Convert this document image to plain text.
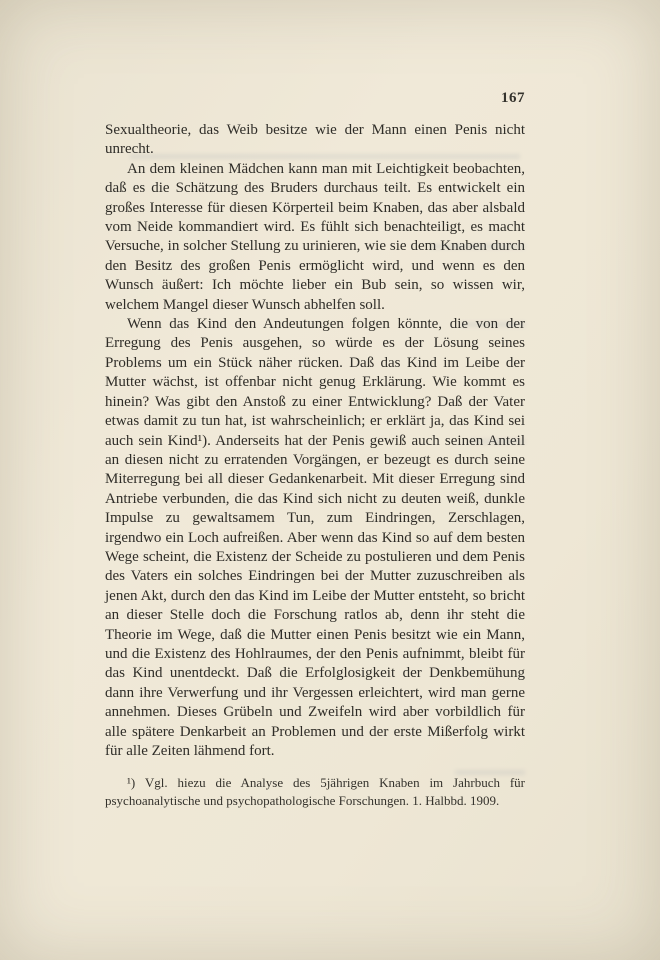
167

Sexualtheorie, das Weib besitze wie der Mann einen Penis nicht unrecht.

An dem kleinen Mädchen kann man mit Leichtigkeit beobachten, daß es die Schätzung des Bruders durchaus teilt. Es entwickelt ein großes Interesse für diesen Körperteil beim Knaben, das aber alsbald vom Neide kommandiert wird. Es fühlt sich benachteiligt, es macht Versuche, in solcher Stellung zu urinieren, wie sie dem Knaben durch den Besitz des großen Penis ermöglicht wird, und wenn es den Wunsch äußert: Ich möchte lieber ein Bub sein, so wissen wir, welchem Mangel dieser Wunsch abhelfen soll.

Wenn das Kind den Andeutungen folgen könnte, die von der Erregung des Penis ausgehen, so würde es der Lösung seines Problems um ein Stück näher rücken. Daß das Kind im Leibe der Mutter wächst, ist offenbar nicht genug Erklärung. Wie kommt es hinein? Was gibt den Anstoß zu einer Entwicklung? Daß der Vater etwas damit zu tun hat, ist wahrscheinlich; er erklärt ja, das Kind sei auch sein Kind¹). Anderseits hat der Penis gewiß auch seinen Anteil an diesen nicht zu erratenden Vorgängen, er bezeugt es durch seine Miterregung bei all dieser Gedankenarbeit. Mit dieser Erregung sind Antriebe verbunden, die das Kind sich nicht zu deuten weiß, dunkle Impulse zu gewaltsamem Tun, zum Eindringen, Zerschlagen, irgendwo ein Loch aufreißen. Aber wenn das Kind so auf dem besten Wege scheint, die Existenz der Scheide zu postulieren und dem Penis des Vaters ein solches Eindringen bei der Mutter zuzuschreiben als jenen Akt, durch den das Kind im Leibe der Mutter entsteht, so bricht an dieser Stelle doch die Forschung ratlos ab, denn ihr steht die Theorie im Wege, daß die Mutter einen Penis besitzt wie ein Mann, und die Existenz des Hohlraumes, der den Penis aufnimmt, bleibt für das Kind unentdeckt. Daß die Erfolglosigkeit der Denkbemühung dann ihre Verwerfung und ihr Vergessen erleichtert, wird man gerne annehmen. Dieses Grübeln und Zweifeln wird aber vorbildlich für alle spätere Denkarbeit an Problemen und der erste Mißerfolg wirkt für alle Zeiten lähmend fort.

¹) Vgl. hiezu die Analyse des 5jährigen Knaben im Jahrbuch für psychoanalytische und psychopathologische Forschungen. 1. Halbbd. 1909.
